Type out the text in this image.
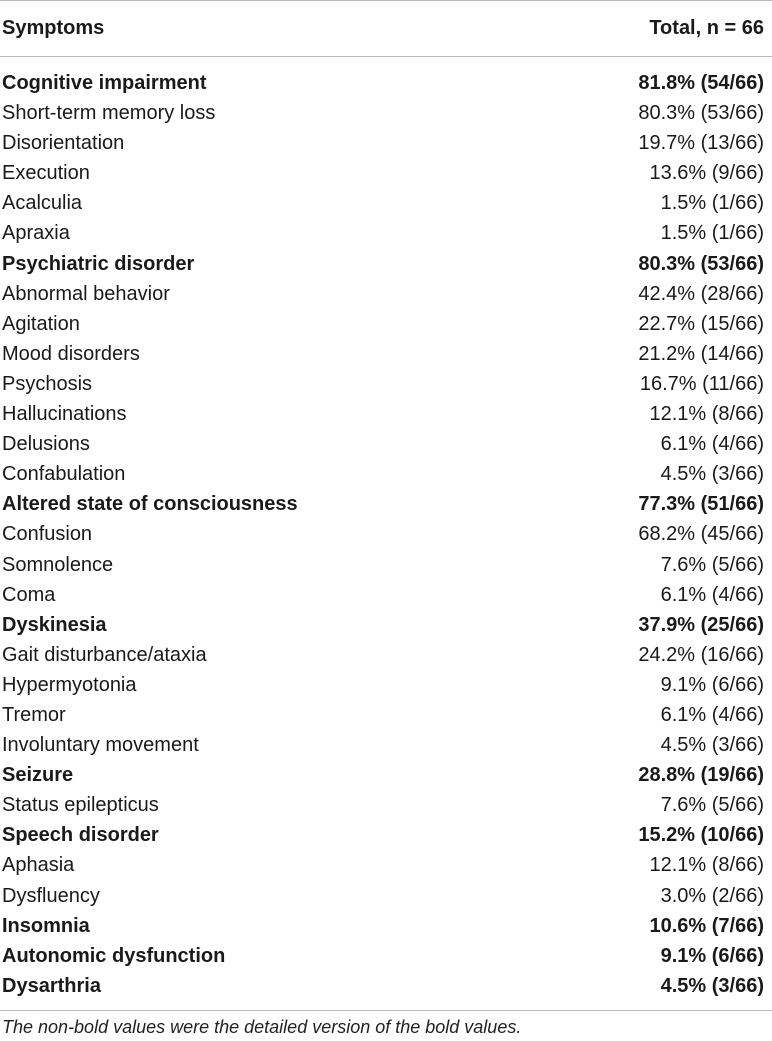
Symptoms	Total, n = 66
Cognitive impairment	81.8% (54/66)
Short-term memory loss	80.3% (53/66)
Disorientation	19.7% (13/66)
Execution	13.6% (9/66)
Acalculia	1.5% (1/66)
Apraxia	1.5% (1/66)
Psychiatric disorder	80.3% (53/66)
Abnormal behavior	42.4% (28/66)
Agitation	22.7% (15/66)
Mood disorders	21.2% (14/66)
Psychosis	16.7% (11/66)
Hallucinations	12.1% (8/66)
Delusions	6.1% (4/66)
Confabulation	4.5% (3/66)
Altered state of consciousness	77.3% (51/66)
Confusion	68.2% (45/66)
Somnolence	7.6% (5/66)
Coma	6.1% (4/66)
Dyskinesia	37.9% (25/66)
Gait disturbance/ataxia	24.2% (16/66)
Hypermyotonia	9.1% (6/66)
Tremor	6.1% (4/66)
Involuntary movement	4.5% (3/66)
Seizure	28.8% (19/66)
Status epilepticus	7.6% (5/66)
Speech disorder	15.2% (10/66)
Aphasia	12.1% (8/66)
Dysfluency	3.0% (2/66)
Insomnia	10.6% (7/66)
Autonomic dysfunction	9.1% (6/66)
Dysarthria	4.5% (3/66)
The non-bold values were the detailed version of the bold values.
